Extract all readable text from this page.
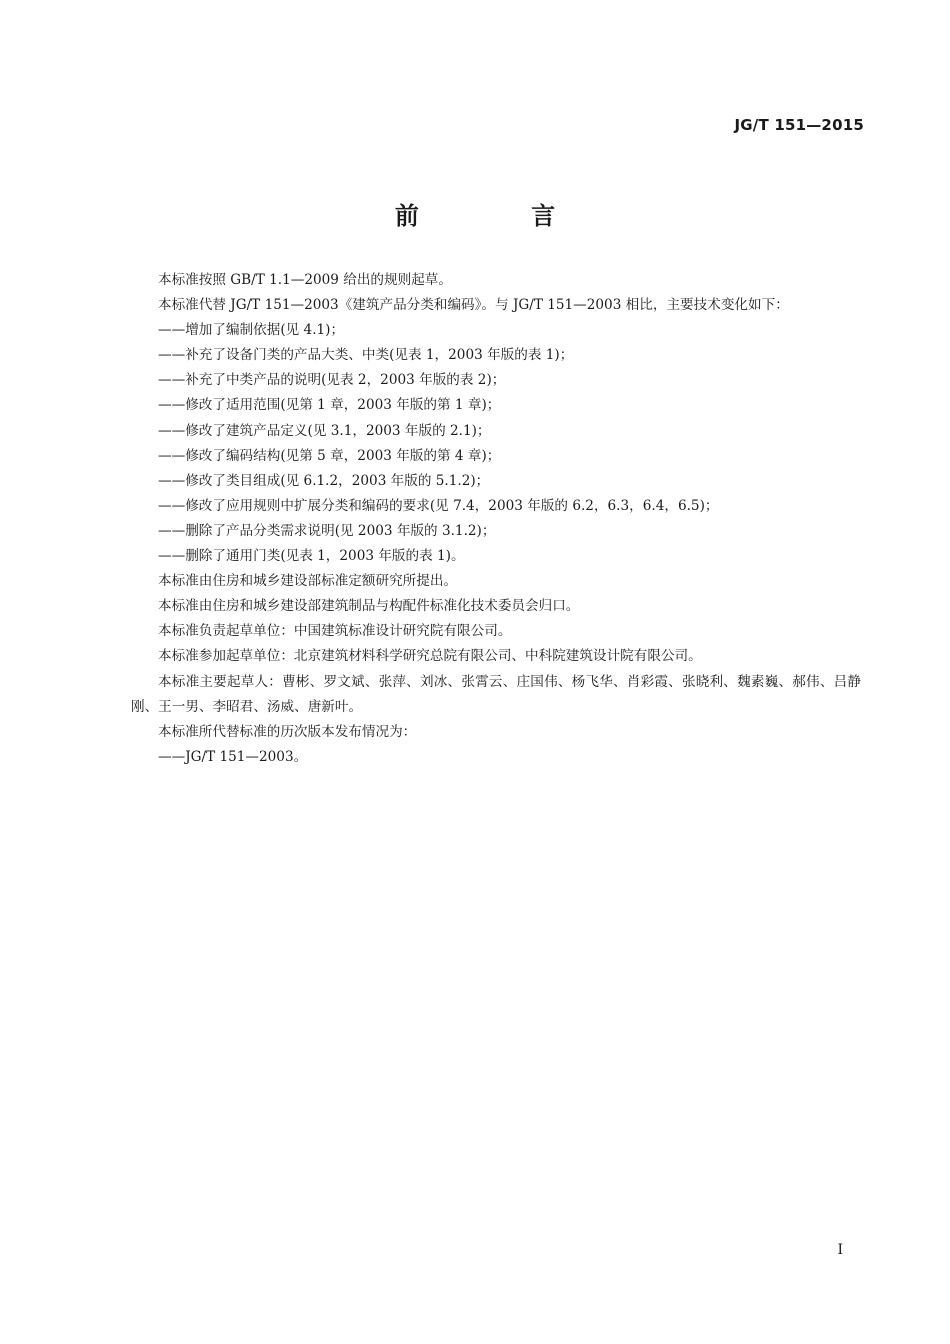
JG/T 151—2015
前 言

本标准按照 GB/T 1.1—2009 给出的规则起草。

本标准代替 JG/T 151—2003《建筑产品分类和编码》。与 JG/T 151—2003 相比，主要技术变化如下：

——增加了编制依据(见 4.1)；

——补充了设备门类的产品大类、中类(见表 1，2003 年版的表 1)；

——补充了中类产品的说明(见表 2，2003 年版的表 2)；

——修改了适用范围(见第 1 章，2003 年版的第 1 章)；

——修改了建筑产品定义(见 3.1，2003 年版的 2.1)；

——修改了编码结构(见第 5 章，2003 年版的第 4 章)；

——修改了类目组成(见 6.1.2，2003 年版的 5.1.2)；

——修改了应用规则中扩展分类和编码的要求(见 7.4，2003 年版的 6.2，6.3，6.4，6.5)；

——删除了产品分类需求说明(见 2003 年版的 3.1.2)；

——删除了通用门类(见表 1，2003 年版的表 1)。

本标准由住房和城乡建设部标准定额研究所提出。

本标准由住房和城乡建设部建筑制品与构配件标准化技术委员会归口。

本标准负责起草单位：中国建筑标准设计研究院有限公司。

本标准参加起草单位：北京建筑材料科学研究总院有限公司、中科院建筑设计院有限公司。

本标准主要起草人：曹彬、罗文斌、张萍、刘冰、张霄云、庄国伟、杨飞华、肖彩霞、张晓利、魏素巍、郝伟、吕静刚、王一男、李昭君、汤威、唐新叶。

本标准所代替标准的历次版本发布情况为：

——JG/T 151—2003。

I
